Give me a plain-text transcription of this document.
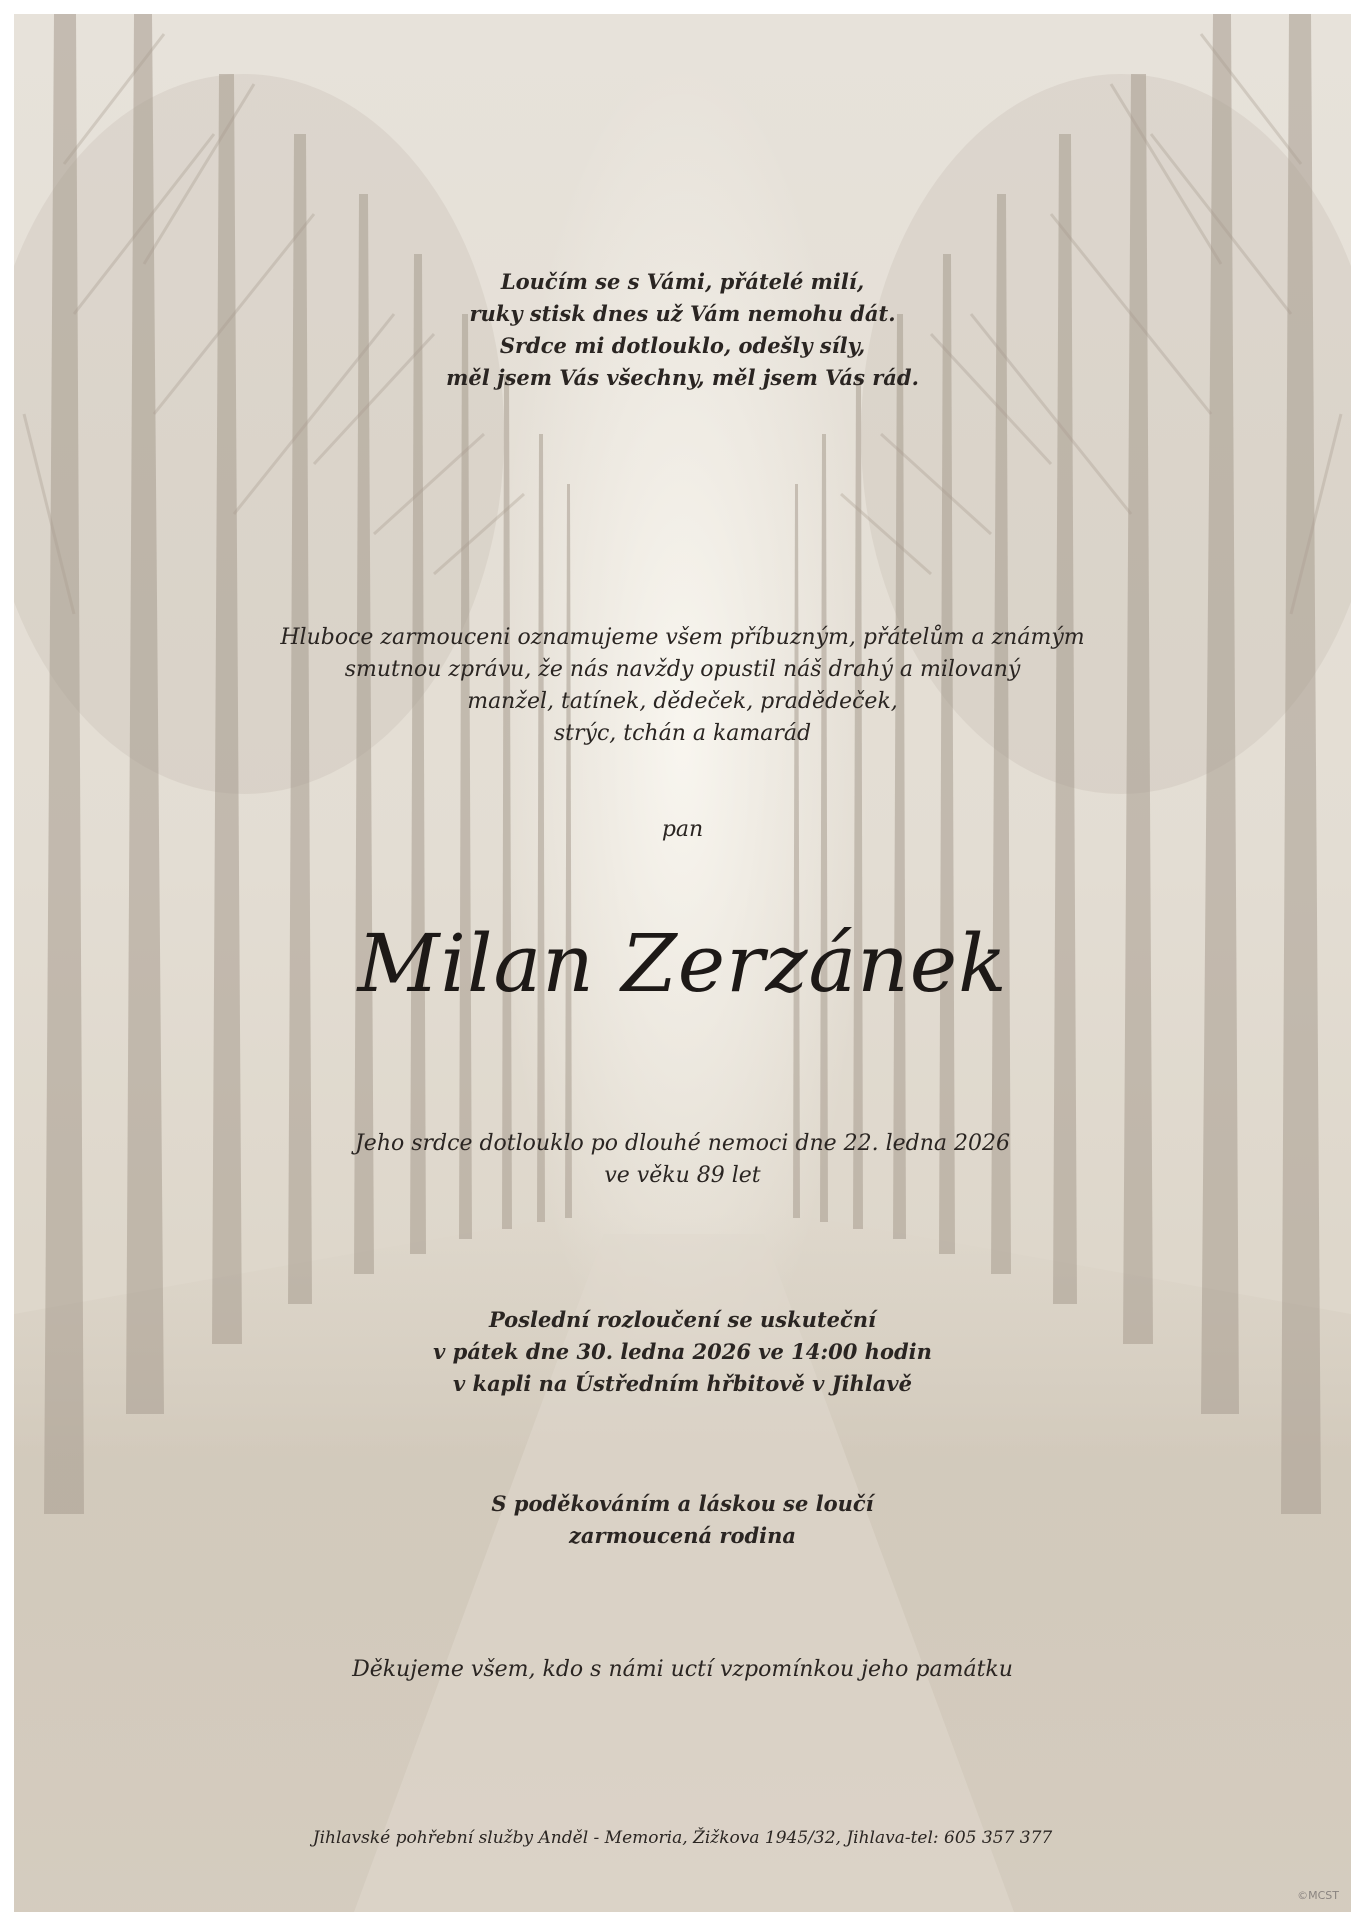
Loučím se s Vámi, přátelé milí,
ruky stisk dnes už Vám nemohu dát.
Srdce mi dotlouklo, odešly síly,
měl jsem Vás všechny, měl jsem Vás rád.
Hluboce zarmouceni oznamujeme všem příbuzným, přátelům a známým
smutnou zprávu, že nás navždy opustil náš drahý a milovaný
manžel, tatínek, dědeček, pradědeček,
strýc, tchán a kamarád
pan
Milan Zerzánek
Jeho srdce dotlouklo po dlouhé nemoci dne 22. ledna 2026
ve věku 89 let
Poslední rozloučení se uskuteční
v pátek dne 30. ledna 2026 ve 14:00 hodin
v kapli na Ústředním hřbitově v Jihlavě
S poděkováním a láskou se loučí
zarmoucená rodina
Děkujeme všem, kdo s námi uctí vzpomínkou jeho památku
Jihlavské pohřební služby Anděl - Memoria, Žižkova 1945/32, Jihlava-tel: 605 357 377
©MCST
